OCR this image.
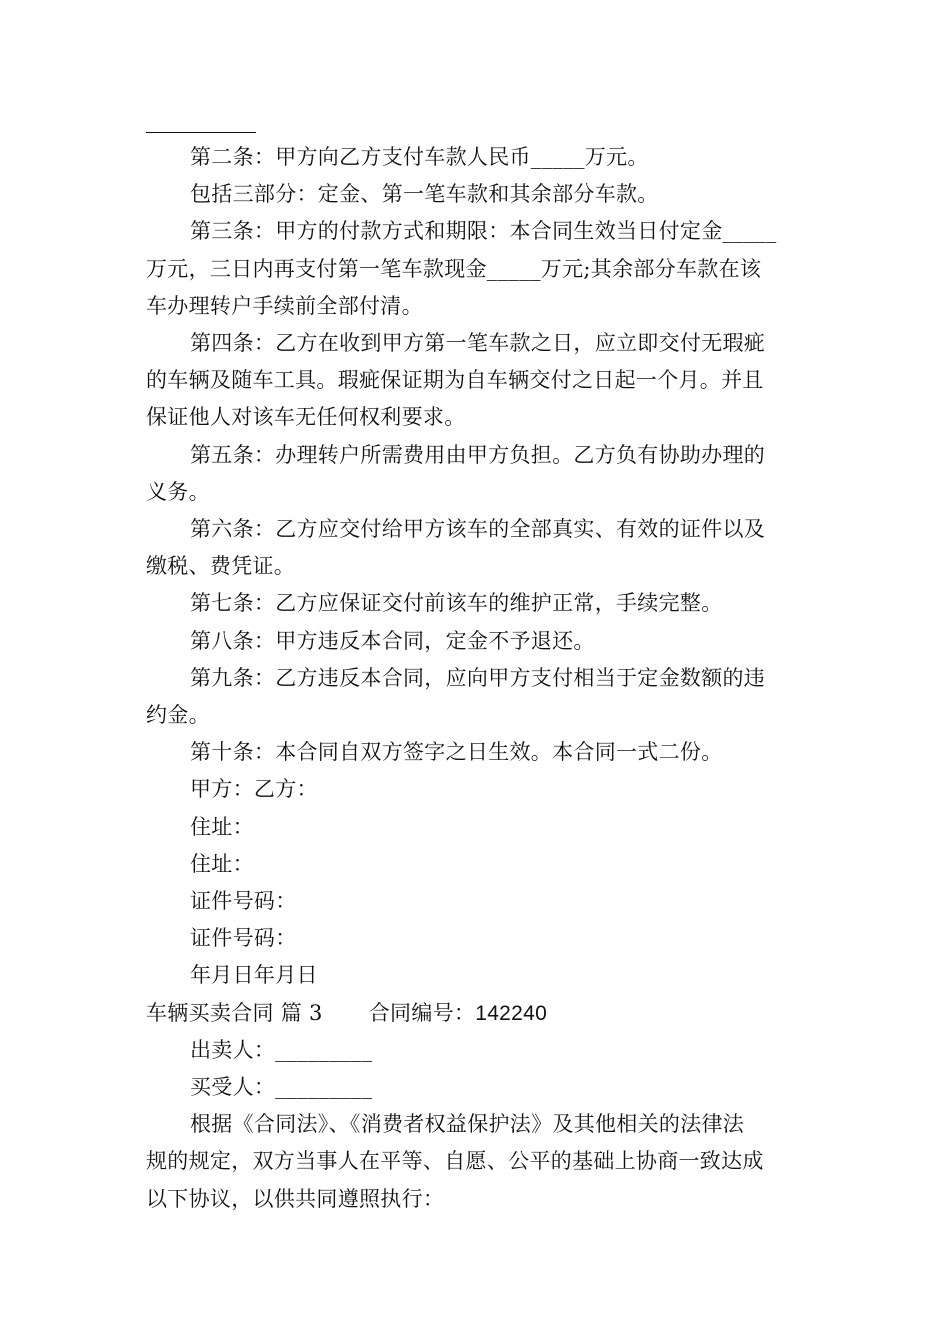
第二条：甲方向乙方支付车款人民币_____万元。
包括三部分：定金、第一笔车款和其余部分车款。
第三条：甲方的付款方式和期限：本合同生效当日付定金_____
万元，三日内再支付第一笔车款现金_____万元;其余部分车款在该
车办理转户手续前全部付清。
第四条：乙方在收到甲方第一笔车款之日，应立即交付无瑕疵
的车辆及随车工具。瑕疵保证期为自车辆交付之日起一个月。并且
保证他人对该车无任何权利要求。
第五条：办理转户所需费用由甲方负担。乙方负有协助办理的
义务。
第六条：乙方应交付给甲方该车的全部真实、有效的证件以及
缴税、费凭证。
第七条：乙方应保证交付前该车的维护正常，手续完整。
第八条：甲方违反本合同，定金不予退还。
第九条：乙方违反本合同，应向甲方支付相当于定金数额的违
约金。
第十条：本合同自双方签字之日生效。本合同一式二份。
甲方：乙方：
住址：
住址：
证件号码：
证件号码：
年月日年月日
车辆买卖合同 篇 3 合同编号：142240
出卖人：_________
买受人：_________
根据《合同法》、《消费者权益保护法》及其他相关的法律法
规的规定，双方当事人在平等、自愿、公平的基础上协商一致达成
以下协议，以供共同遵照执行：
